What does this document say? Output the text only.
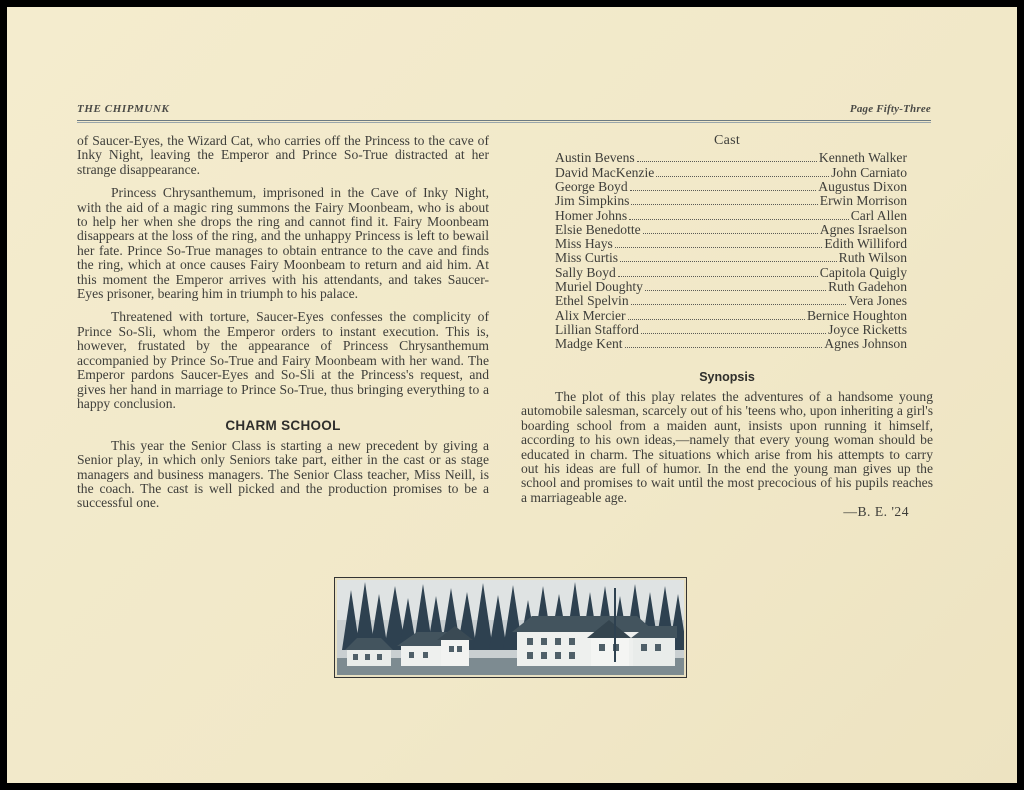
THE CHIPMUNK	Page Fifty-Three

of Saucer-Eyes, the Wizard Cat, who carries off the Princess to the cave of Inky Night, leaving the Emperor and Prince So-True distracted at her strange disappearance.

Princess Chrysanthemum, imprisoned in the Cave of Inky Night, with the aid of a magic ring summons the Fairy Moonbeam, who is about to help her when she drops the ring and cannot find it. Fairy Moonbeam disappears at the loss of the ring, and the unhappy Princess is left to bewail her fate. Prince So-True manages to obtain entrance to the cave and finds the ring, which at once causes Fairy Moonbeam to return and aid him. At this moment the Emperor arrives with his attendants, and takes Saucer-Eyes prisoner, bearing him in triumph to his palace.

Threatened with torture, Saucer-Eyes confesses the complicity of Prince So-Sli, whom the Emperor orders to instant execution. This is, however, frustated by the appearance of Princess Chrysanthemum accompanied by Prince So-True and Fairy Moonbeam with her wand. The Emperor pardons Saucer-Eyes and So-Sli at the Princess's request, and gives her hand in marriage to Prince So-True, thus bringing everything to a happy conclusion.

CHARM SCHOOL

This year the Senior Class is starting a new precedent by giving a Senior play, in which only Seniors take part, either in the cast or as stage managers and business managers. The Senior Class teacher, Miss Neill, is the coach. The cast is well picked and the production promises to be a successful one.

Cast
Austin Bevens	Kenneth Walker
David MacKenzie	John Carniato
George Boyd	Augustus Dixon
Jim Simpkins	Erwin Morrison
Homer Johns	Carl Allen
Elsie Benedotte	Agnes Israelson
Miss Hays	Edith Williford
Miss Curtis	Ruth Wilson
Sally Boyd	Capitola Quigly
Muriel Doughty	Ruth Gadehon
Ethel Spelvin	Vera Jones
Alix Mercier	Bernice Houghton
Lillian Stafford	Joyce Ricketts
Madge Kent	Agnes Johnson
Synopsis

The plot of this play relates the adventures of a handsome young automobile salesman, scarcely out of his 'teens who, upon inheriting a girl's boarding school from a maiden aunt, insists upon running it himself, according to his own ideas,—namely that every young woman should be educated in charm. The situations which arise from his attempts to carry out his ideas are full of humor. In the end the young man gives up the school and promises to wait until the most precocious of his pupils reaches a marriageable age.

—B. E. '24
